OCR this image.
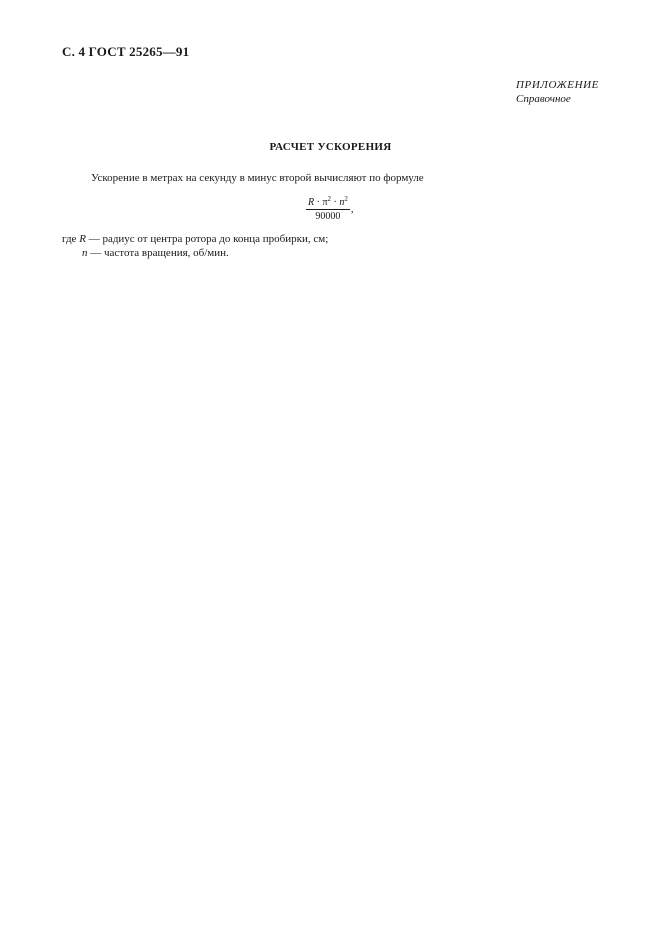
С. 4 ГОСТ 25265—91
ПРИЛОЖЕНИЕ
Справочное
РАСЧЕТ УСКОРЕНИЯ
Ускорение в метрах на секунду в минус второй вычисляют по формуле
$\frac{R \cdot \pi^2 \cdot n^2}{90000}$ ,
где R — радиус от центра ротора до конца пробирки, см;
n — частота вращения, об/мин.
